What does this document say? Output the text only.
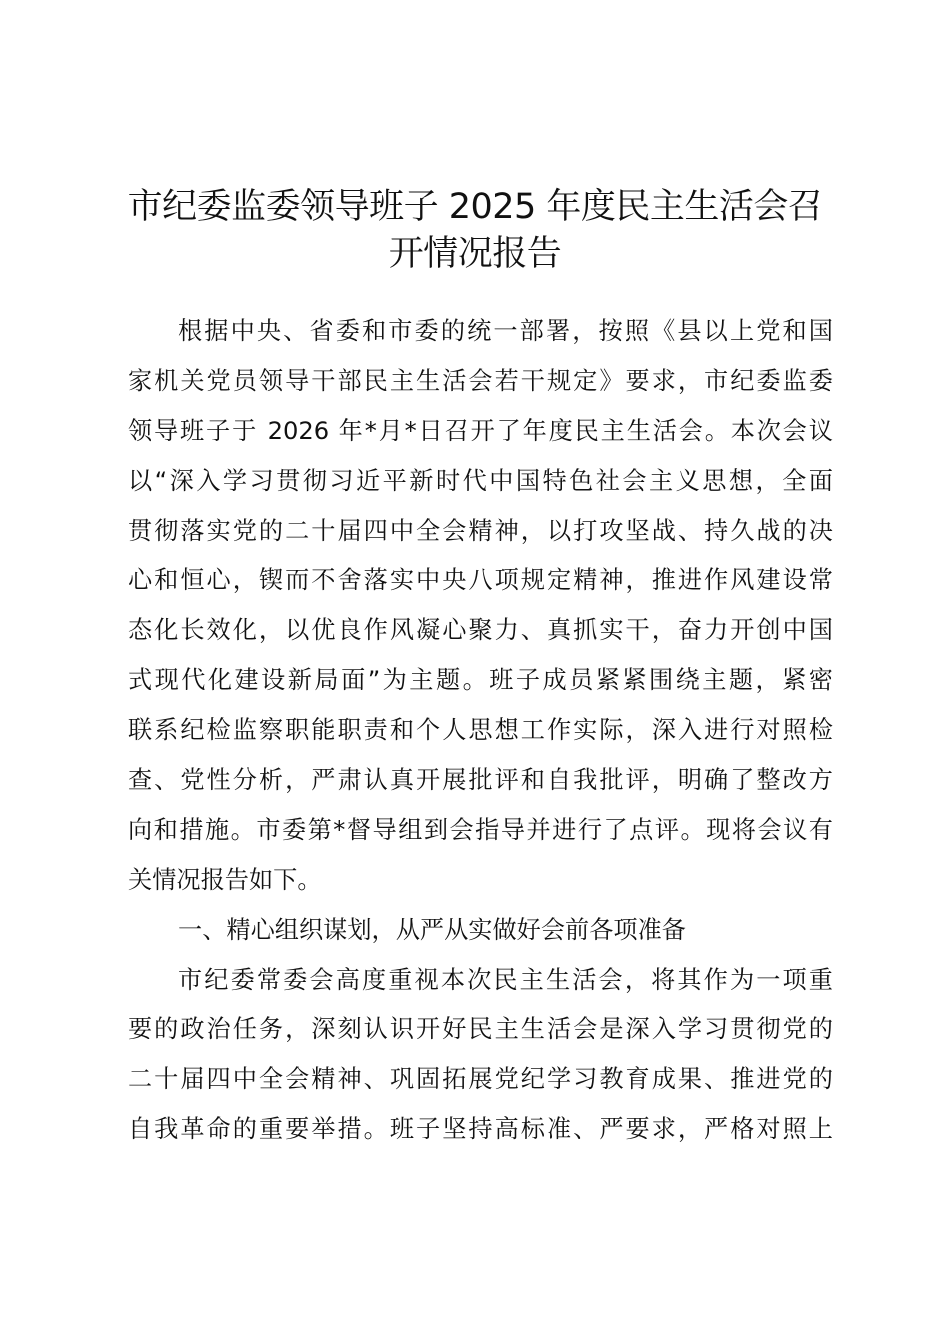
市纪委监委领导班子 2025 年度民主生活会召
开情况报告
根据中央、省委和市委的统一部署，按照《县以上党和国
家机关党员领导干部民主生活会若干规定》要求，市纪委监委
领导班子于 2026 年*月*日召开了年度民主生活会。本次会议
以“深入学习贯彻习近平新时代中国特色社会主义思想，全面
贯彻落实党的二十届四中全会精神，以打攻坚战、持久战的决
心和恒心，锲而不舍落实中央八项规定精神，推进作风建设常
态化长效化，以优良作风凝心聚力、真抓实干，奋力开创中国
式现代化建设新局面”为主题。班子成员紧紧围绕主题，紧密
联系纪检监察职能职责和个人思想工作实际，深入进行对照检
查、党性分析，严肃认真开展批评和自我批评，明确了整改方
向和措施。市委第*督导组到会指导并进行了点评。现将会议有
关情况报告如下。
一、精心组织谋划，从严从实做好会前各项准备
市纪委常委会高度重视本次民主生活会，将其作为一项重
要的政治任务，深刻认识开好民主生活会是深入学习贯彻党的
二十届四中全会精神、巩固拓展党纪学习教育成果、推进党的
自我革命的重要举措。班子坚持高标准、严要求，严格对照上
